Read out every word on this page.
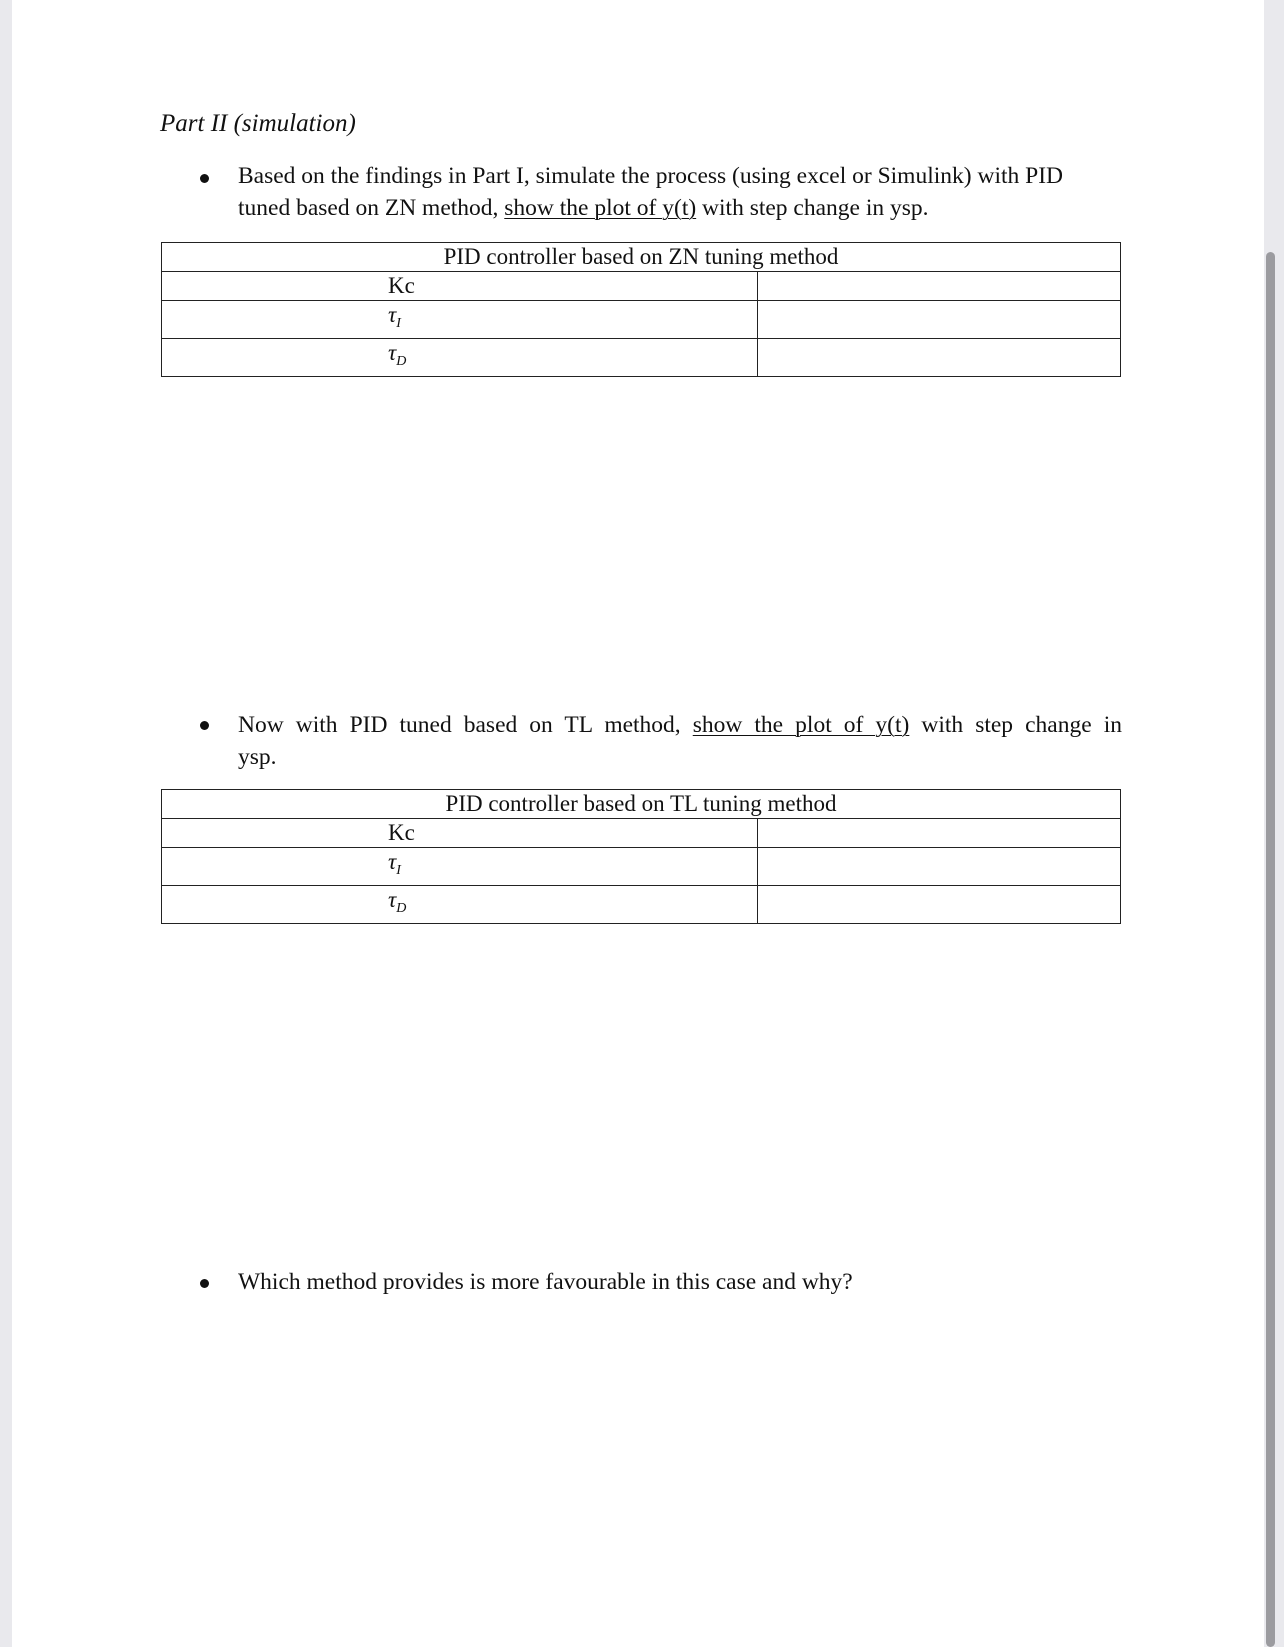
Part II (simulation)
Based on the findings in Part I, simulate the process (using excel or Simulink) with PID
tuned based on ZN method, show the plot of y(t) with step change in ysp.
PID controller based on ZN tuning method	
Kc	
$\tau_I$	
$\tau_D$	
Now with PID tuned based on TL method, show the plot of y(t) with step change in
ysp.
PID controller based on TL tuning method	
Kc	
$\tau_I$	
$\tau_D$	
Which method provides is more favourable in this case and why?
